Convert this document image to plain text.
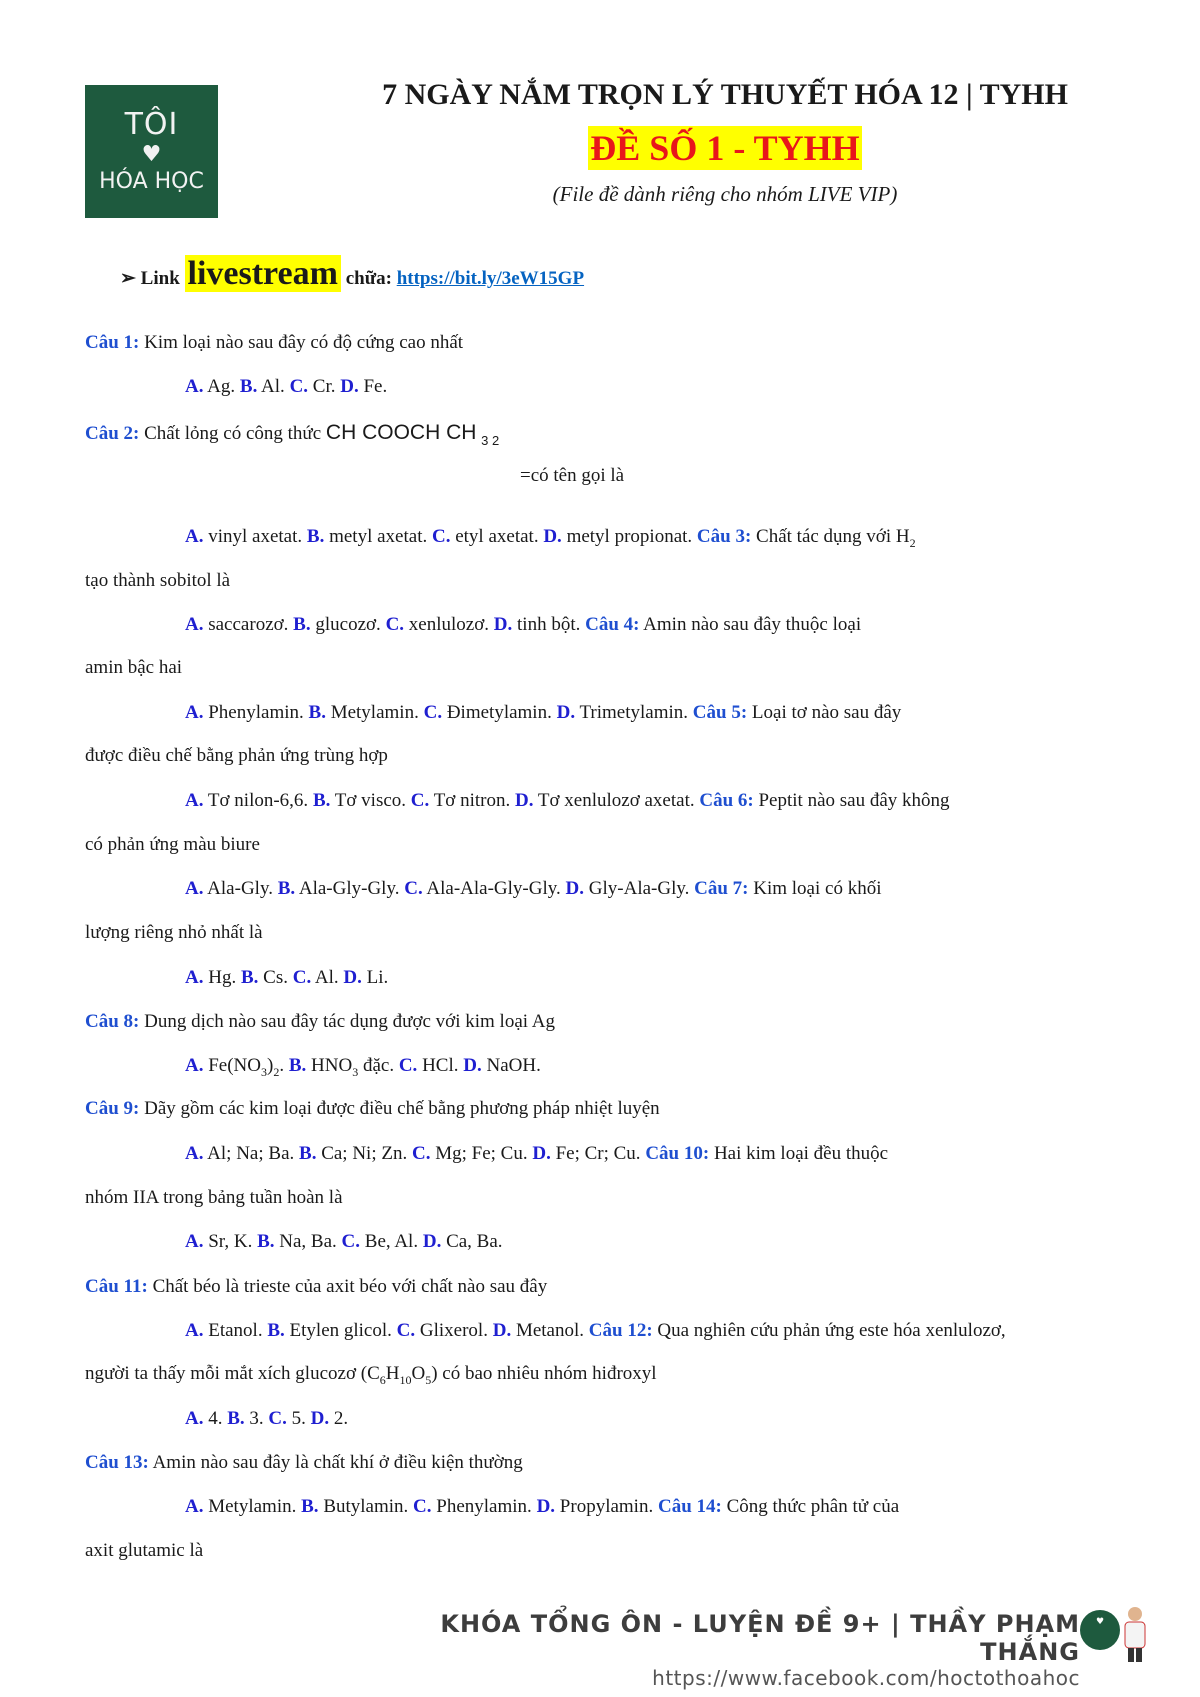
TÔI
♥
HÓA HỌC
7 NGÀY NẮM TRỌN LÝ THUYẾT HÓA 12 | TYHH
ĐỀ SỐ 1 - TYHH
(File đề dành riêng cho nhóm LIVE VIP)
➢ Link livestream chữa: https://bit.ly/3eW15GP
Câu 1: Kim loại nào sau đây có độ cứng cao nhất
A. Ag. B. Al. C. Cr. D. Fe.
Câu 2: Chất lỏng có công thức CH COOCH CH $_{3 2}$
=có tên gọi là
A. vinyl axetat. B. metyl axetat. C. etyl axetat. D. metyl propionat. Câu 3: Chất tác dụng với $H_2$
tạo thành sobitol là
A. saccarozơ. B. glucozơ. C. xenlulozơ. D. tinh bột. Câu 4: Amin nào sau đây thuộc loại
amin bậc hai
A. Phenylamin. B. Metylamin. C. Đimetylamin. D. Trimetylamin. Câu 5: Loại tơ nào sau đây
được điều chế bằng phản ứng trùng hợp
A. Tơ nilon-6,6. B. Tơ visco. C. Tơ nitron. D. Tơ xenlulozơ axetat. Câu 6: Peptit nào sau đây không
có phản ứng màu biure
A. Ala-Gly. B. Ala-Gly-Gly. C. Ala-Ala-Gly-Gly. D. Gly-Ala-Gly. Câu 7: Kim loại có khối
lượng riêng nhỏ nhất là
A. Hg. B. Cs. C. Al. D. Li.
Câu 8: Dung dịch nào sau đây tác dụng được với kim loại Ag
A. $Fe(NO_3)_2$. B. $HNO_3$ đặc. C. HCl. D. NaOH.
Câu 9: Dãy gồm các kim loại được điều chế bằng phương pháp nhiệt luyện
A. Al; Na; Ba. B. Ca; Ni; Zn. C. Mg; Fe; Cu. D. Fe; Cr; Cu. Câu 10: Hai kim loại đều thuộc
nhóm IIA trong bảng tuần hoàn là
A. Sr, K. B. Na, Ba. C. Be, Al. D. Ca, Ba.
Câu 11: Chất béo là trieste của axit béo với chất nào sau đây
A. Etanol. B. Etylen glicol. C. Glixerol. D. Metanol. Câu 12: Qua nghiên cứu phản ứng este hóa xenlulozơ,
người ta thấy mỗi mắt xích glucozơ $(C_6H_{10}O_5)$ có bao nhiêu nhóm hiđroxyl
A. 4. B. 3. C. 5. D. 2.
Câu 13: Amin nào sau đây là chất khí ở điều kiện thường
A. Metylamin. B. Butylamin. C. Phenylamin. D. Propylamin. Câu 14: Công thức phân tử của
axit glutamic là
KHÓA TỔNG ÔN - LUYỆN ĐỀ 9+ | THẦY PHẠM THẮNG
https://www.facebook.com/hoctothoahoc
♥
